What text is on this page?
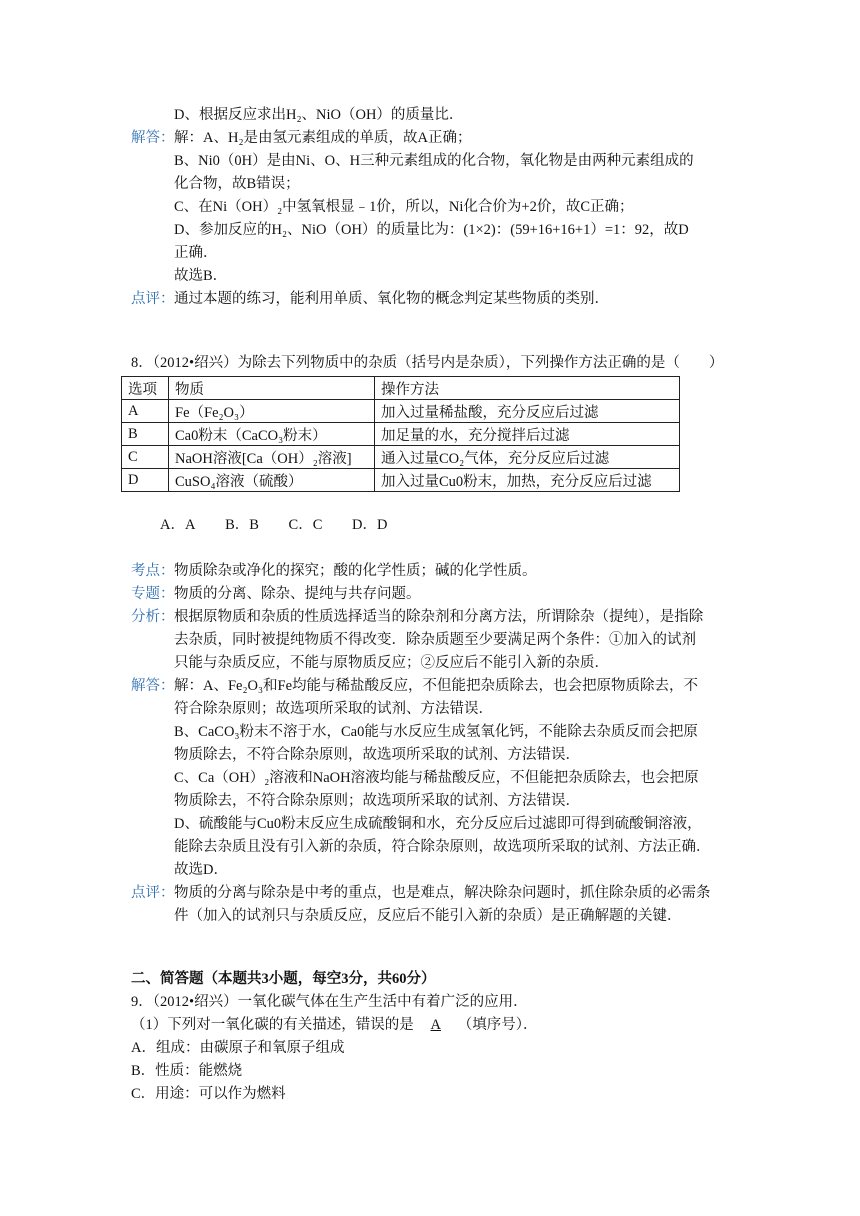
D、根据反应求出H₂、NiO（OH）的质量比．
解答： 解：A、H₂是由氢元素组成的单质，故A正确；
B、Ni0（0H）是由Ni、O、H三种元素组成的化合物，氧化物是由两种元素组成的
化合物，故B错误；
C、在Ni（OH）₂中氢氧根显﹣1价，所以，Ni化合价为+2价，故C正确；
D、参加反应的H₂、NiO（OH）的质量比为：(1×2)：(59+16+16+1）=1：92，故D
正确．
故选B．
点评： 通过本题的练习，能利用单质、氧化物的概念判定某些物质的类别．
8．（2012•绍兴）为除去下列物质中的杂质（括号内是杂质），下列操作方法正确的是（　　）
选项	物质	操作方法
A	Fe（Fe₂O₃）	加入过量稀盐酸，充分反应后过滤
B	Ca0粉末（CaCO₃粉末）	加足量的水，充分搅拌后过滤
C	NaOH溶液[Ca（OH）₂溶液]	通入过量CO₂气体，充分反应后过滤
D	CuSO₄溶液（硫酸）	加入过量Cu0粉末，加热，充分反应后过滤
A．A B．B C．C D．D
考点： 物质除杂或净化的探究；酸的化学性质；碱的化学性质。
专题： 物质的分离、除杂、提纯与共存问题。
分析： 根据原物质和杂质的性质选择适当的除杂剂和分离方法，所谓除杂（提纯），是指除
去杂质，同时被提纯物质不得改变．除杂质题至少要满足两个条件：①加入的试剂
只能与杂质反应，不能与原物质反应；②反应后不能引入新的杂质．
解答： 解：A、Fe₂O₃和Fe均能与稀盐酸反应，不但能把杂质除去，也会把原物质除去，不
符合除杂原则；故选项所采取的试剂、方法错误．
B、CaCO₃粉末不溶于水，Ca0能与水反应生成氢氧化钙，不能除去杂质反而会把原
物质除去，不符合除杂原则，故选项所采取的试剂、方法错误．
C、Ca（OH）₂溶液和NaOH溶液均能与稀盐酸反应，不但能把杂质除去，也会把原
物质除去，不符合除杂原则；故选项所采取的试剂、方法错误．
D、硫酸能与Cu0粉末反应生成硫酸铜和水，充分反应后过滤即可得到硫酸铜溶液，
能除去杂质且没有引入新的杂质，符合除杂原则，故选项所采取的试剂、方法正确．
故选D．
点评： 物质的分离与除杂是中考的重点，也是难点，解决除杂问题时，抓住除杂质的必需条
件（加入的试剂只与杂质反应，反应后不能引入新的杂质）是正确解题的关键．
二、简答题（本题共3小题，每空3分，共60分）
9．（2012•绍兴）一氧化碳气体在生产生活中有着广泛的应用．
（1）下列对一氧化碳的有关描述，错误的是 A （填序号）．
A．组成：由碳原子和氧原子组成
B．性质：能燃烧
C．用途：可以作为燃料
